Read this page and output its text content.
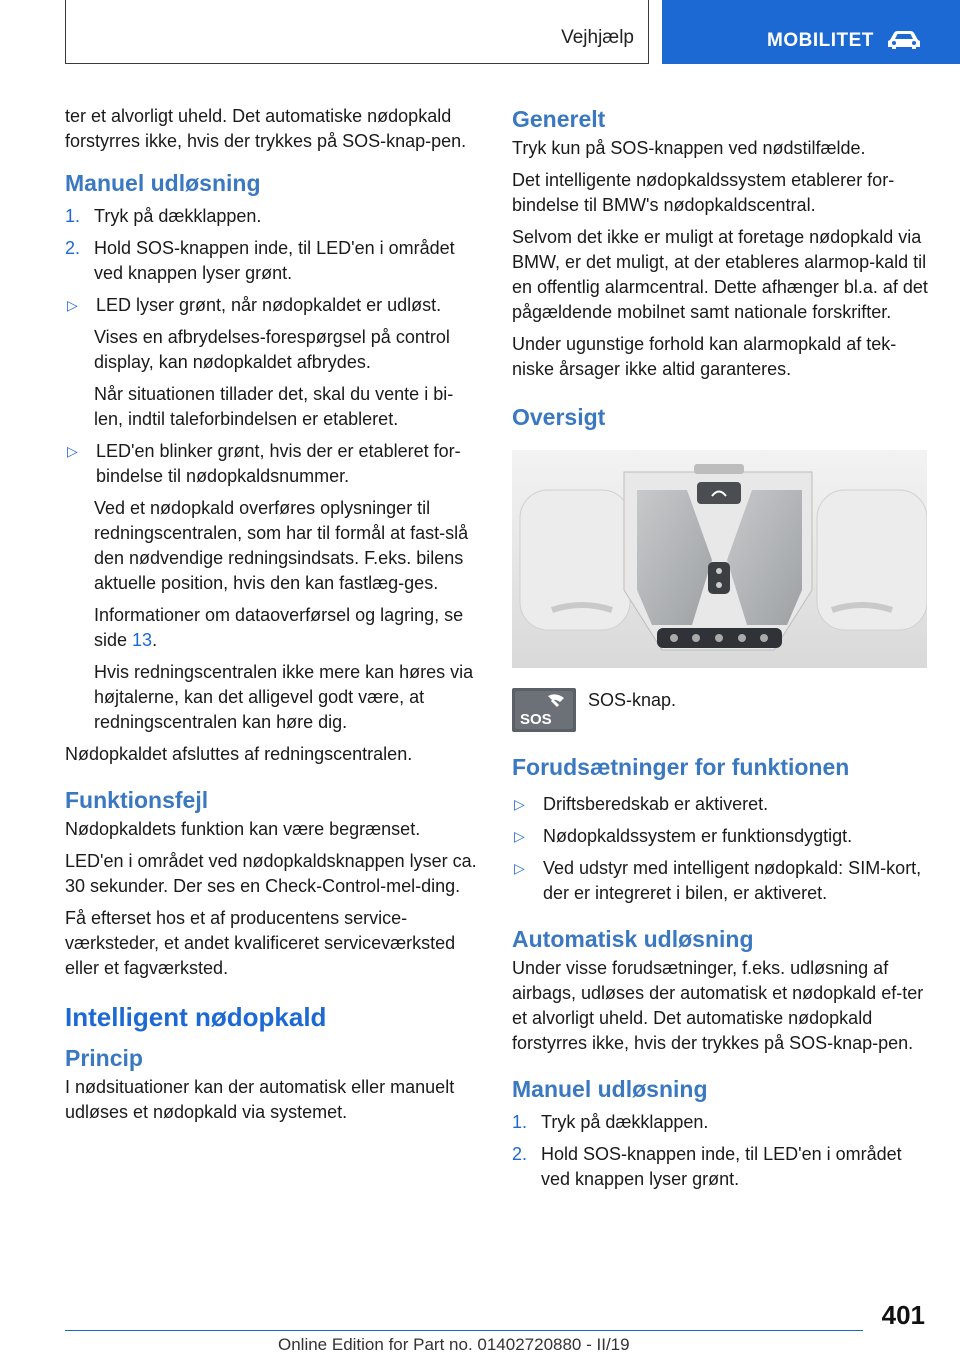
Vejhjælp	MOBILITET

ter et alvorligt uheld. Det automatiske nødopkald forstyrres ikke, hvis der trykkes på SOS-knap-pen.

Manuel udløsning
1. Tryk på dækklappen.
2. Hold SOS-knappen inde, til LED'en i området ved knappen lyser grønt.
▷	LED lyser grønt, når nødopkaldet er udløst.
Vises en afbrydelses-forespørgsel på control display, kan nødopkaldet afbrydes.
Når situationen tillader det, skal du vente i bi-len, indtil taleforbindelsen er etableret.
▷	LED'en blinker grønt, hvis der er etableret for-bindelse til nødopkaldsnummer.
Ved et nødopkald overføres oplysninger til redningscentralen, som har til formål at fast-slå den nødvendige redningsindsats. F.eks. bilens aktuelle position, hvis den kan fastlæg-ges.
Informationer om dataoverførsel og lagring, se side 13.
Hvis redningscentralen ikke mere kan høres via højtalerne, kan det alligevel godt være, at redningscentralen kan høre dig.

Nødopkaldet afsluttes af redningscentralen.

Funktionsfejl

Nødopkaldets funktion kan være begrænset.

LED'en i området ved nødopkaldsknappen lyser ca. 30 sekunder. Der ses en Check-Control-mel-ding.

Få efterset hos et af producentens service-værksteder, et andet kvalificeret serviceværksted eller et fagværksted.

Intelligent nødopkald
Princip

I nødsituationer kan der automatisk eller manuelt udløses et nødopkald via systemet.

Generelt

Tryk kun på SOS-knappen ved nødstilfælde.

Det intelligente nødopkaldssystem etablerer for-bindelse til BMW's nødopkaldscentral.

Selvom det ikke er muligt at foretage nødopkald via BMW, er det muligt, at der etableres alarmop-kald til en offentlig alarmcentral. Dette afhænger bl.a. af det pågældende mobilnet samt nationale forskrifter.

Under ugunstige forhold kan alarmopkald af tek-niske årsager ikke altid garanteres.

Oversigt
SOS
SOS-knap.
Forudsætninger for funktionen
▷	Driftsberedskab er aktiveret.
▷	Nødopkaldssystem er funktionsdygtigt.
▷	Ved udstyr med intelligent nødopkald: SIM-kort, der er integreret i bilen, er aktiveret.
Automatisk udløsning

Under visse forudsætninger, f.eks. udløsning af airbags, udløses der automatisk et nødopkald ef-ter et alvorligt uheld. Det automatiske nødopkald forstyrres ikke, hvis der trykkes på SOS-knap-pen.

Manuel udløsning
1. Tryk på dækklappen.
2. Hold SOS-knappen inde, til LED'en i området ved knappen lyser grønt.
401
Online Edition for Part no. 01402720880 - II/19
